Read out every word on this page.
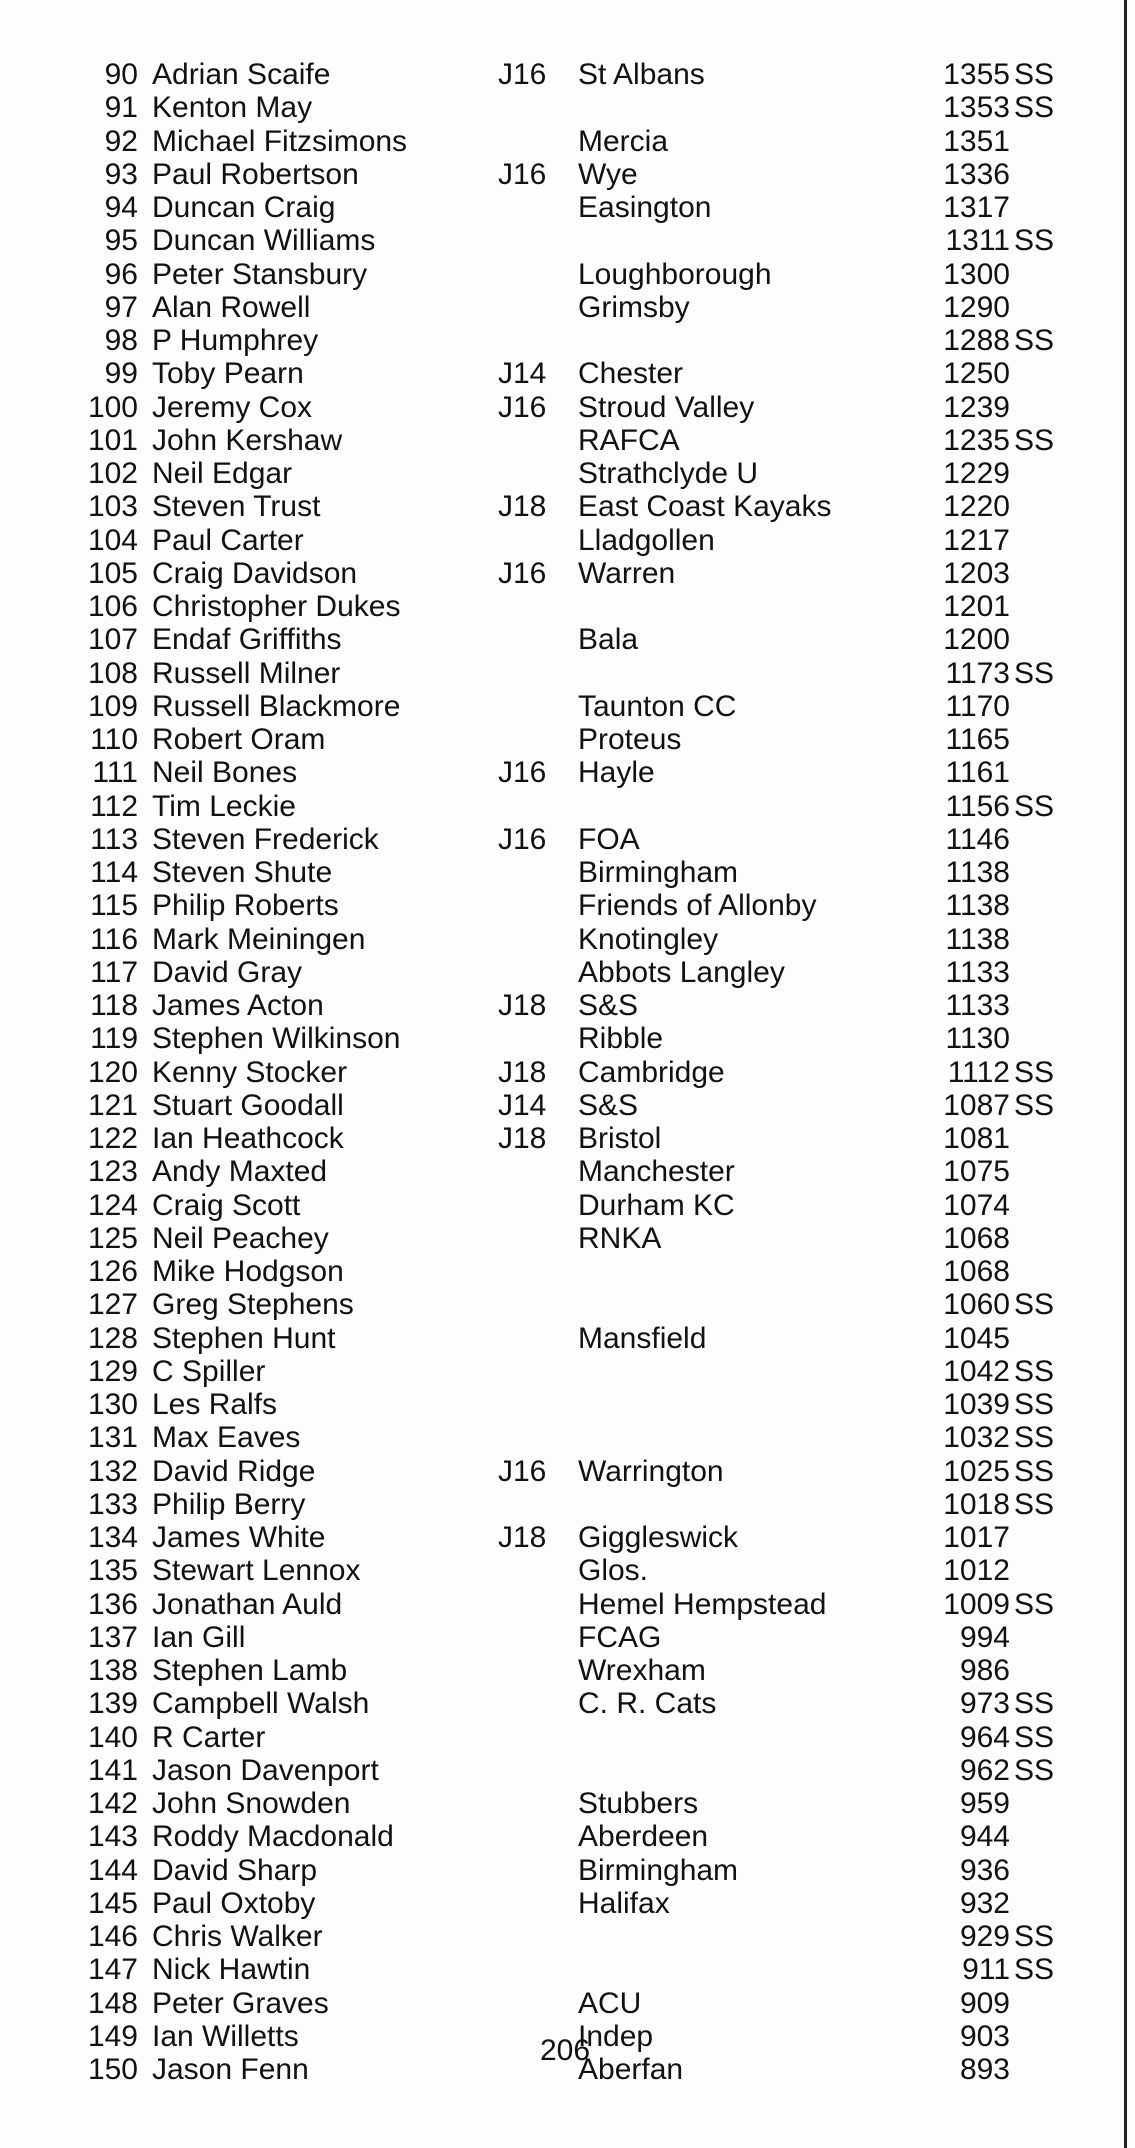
90 Adrian Scaife	J16 St Albans	1355 SS
91 Kenton May	1353 SS
92 Michael Fitzsimons	Mercia	1351
93 Paul Robertson	J16 Wye	1336
94 Duncan Craig	Easington	1317
95 Duncan Williams	1311 SS
96 Peter Stansbury	Loughborough	1300
97 Alan Rowell	Grimsby	1290
98 P Humphrey	1288 SS
99 Toby Pearn	J14 Chester	1250
100 Jeremy Cox	J16 Stroud Valley	1239
101 John Kershaw	RAFCA	1235 SS
102 Neil Edgar	Strathclyde U	1229
103 Steven Trust	J18 East Coast Kayaks	1220
104 Paul Carter	Lladgollen	1217
105 Craig Davidson	J16 Warren	1203
106 Christopher Dukes	1201
107 Endaf Griffiths	Bala	1200
108 Russell Milner	1173 SS
109 Russell Blackmore	Taunton CC	1170
110 Robert Oram	Proteus	1165
111 Neil Bones	J16 Hayle	1161
112 Tim Leckie	1156 SS
113 Steven Frederick	J16 FOA	1146
114 Steven Shute	Birmingham	1138
115 Philip Roberts	Friends of Allonby	1138
116 Mark Meiningen	Knotingley	1138
117 David Gray	Abbots Langley	1133
118 James Acton	J18 S&S	1133
119 Stephen Wilkinson	Ribble	1130
120 Kenny Stocker	J18 Cambridge	1112 SS
121 Stuart Goodall	J14 S&S	1087 SS
122 Ian Heathcock	J18 Bristol	1081
123 Andy Maxted	Manchester	1075
124 Craig Scott	Durham KC	1074
125 Neil Peachey	RNKA	1068
126 Mike Hodgson	1068
127 Greg Stephens	1060 SS
128 Stephen Hunt	Mansfield	1045
129 C Spiller	1042 SS
130 Les Ralfs	1039 SS
131 Max Eaves	1032 SS
132 David Ridge	J16 Warrington	1025 SS
133 Philip Berry	1018 SS
134 James White	J18 Giggleswick	1017
135 Stewart Lennox	Glos.	1012
136 Jonathan Auld	Hemel Hempstead	1009 SS
137 Ian Gill	FCAG	994
138 Stephen Lamb	Wrexham	986
139 Campbell Walsh	C. R. Cats	973 SS
140 R Carter	964 SS
141 Jason Davenport	962 SS
142 John Snowden	Stubbers	959
143 Roddy Macdonald	Aberdeen	944
144 David Sharp	Birmingham	936
145 Paul Oxtoby	Halifax	932
146 Chris Walker	929 SS
147 Nick Hawtin	911 SS
148 Peter Graves	ACU	909
149 Ian Willetts	Indep	903
150 Jason Fenn	Aberfan	893
206
